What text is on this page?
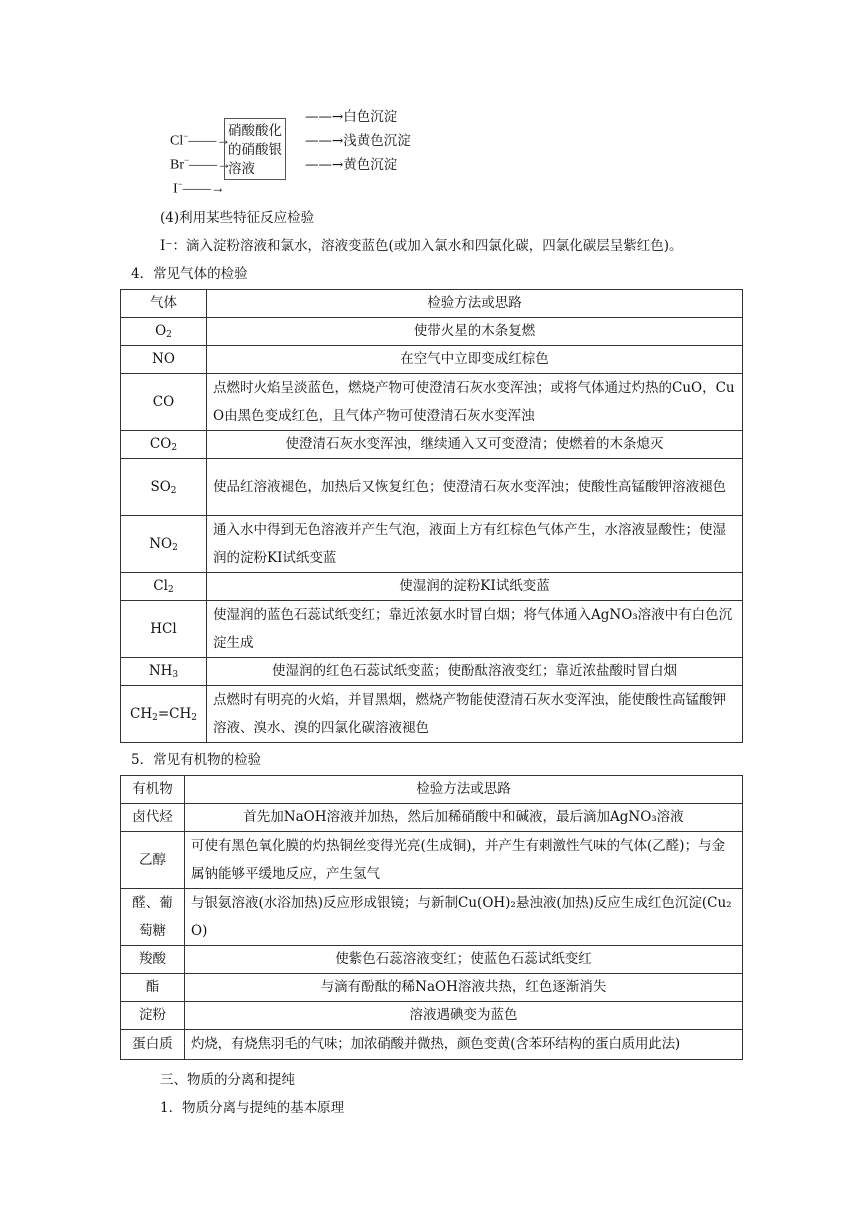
Cl−——→
Br−——→
I−——→
硝酸酸化
的硝酸银
溶液
——→白色沉淀
——→浅黄色沉淀
——→黄色沉淀
(4)利用某些特征反应检验
I⁻：滴入淀粉溶液和氯水，溶液变蓝色(或加入氯水和四氯化碳，四氯化碳层呈紫红色)。
4．常见气体的检验
气体	检验方法或思路
$O_2$	使带火星的木条复燃
NO	在空气中立即变成红棕色
CO	点燃时火焰呈淡蓝色，燃烧产物可使澄清石灰水变浑浊；或将气体通过灼热的CuO，CuO由黑色变成红色，且气体产物可使澄清石灰水变浑浊

$CO_2$	使澄清石灰水变浑浊，继续通入又可变澄清；使燃着的木条熄灭
$SO_2$	使品红溶液褪色，加热后又恢复红色；使澄清石灰水变浑浊；使酸性高锰酸钾溶液褪色

$NO_2$	通入水中得到无色溶液并产生气泡，液面上方有红棕色气体产生，水溶液显酸性；使湿润的淀粉KI试纸变蓝

$Cl_2$	使湿润的淀粉KI试纸变蓝
HCl	使湿润的蓝色石蕊试纸变红；靠近浓氨水时冒白烟；将气体通入AgNO₃溶液中有白色沉淀生成

$NH_3$	使湿润的红色石蕊试纸变蓝；使酚酞溶液变红；靠近浓盐酸时冒白烟
$CH_2=CH_2$	点燃时有明亮的火焰，并冒黑烟，燃烧产物能使澄清石灰水变浑浊，能使酸性高锰酸钾溶液、溴水、溴的四氯化碳溶液褪色
5．常见有机物的检验
有机物	检验方法或思路
卤代烃	首先加NaOH溶液并加热，然后加稀硝酸中和碱液，最后滴加AgNO₃溶液
乙醇	可使有黑色氧化膜的灼热铜丝变得光亮(生成铜)，并产生有刺激性气味的气体(乙醛)；与金属钠能够平缓地反应，产生氢气

醛、葡萄糖	与银氨溶液(水浴加热)反应形成银镜；与新制Cu(OH)₂悬浊液(加热)反应生成红色沉淀(Cu₂O)

羧酸	使紫色石蕊溶液变红；使蓝色石蕊试纸变红
酯	与滴有酚酞的稀NaOH溶液共热，红色逐渐消失
淀粉	溶液遇碘变为蓝色
蛋白质	灼烧，有烧焦羽毛的气味；加浓硝酸并微热，颜色变黄(含苯环结构的蛋白质用此法)
三、物质的分离和提纯
1．物质分离与提纯的基本原理
